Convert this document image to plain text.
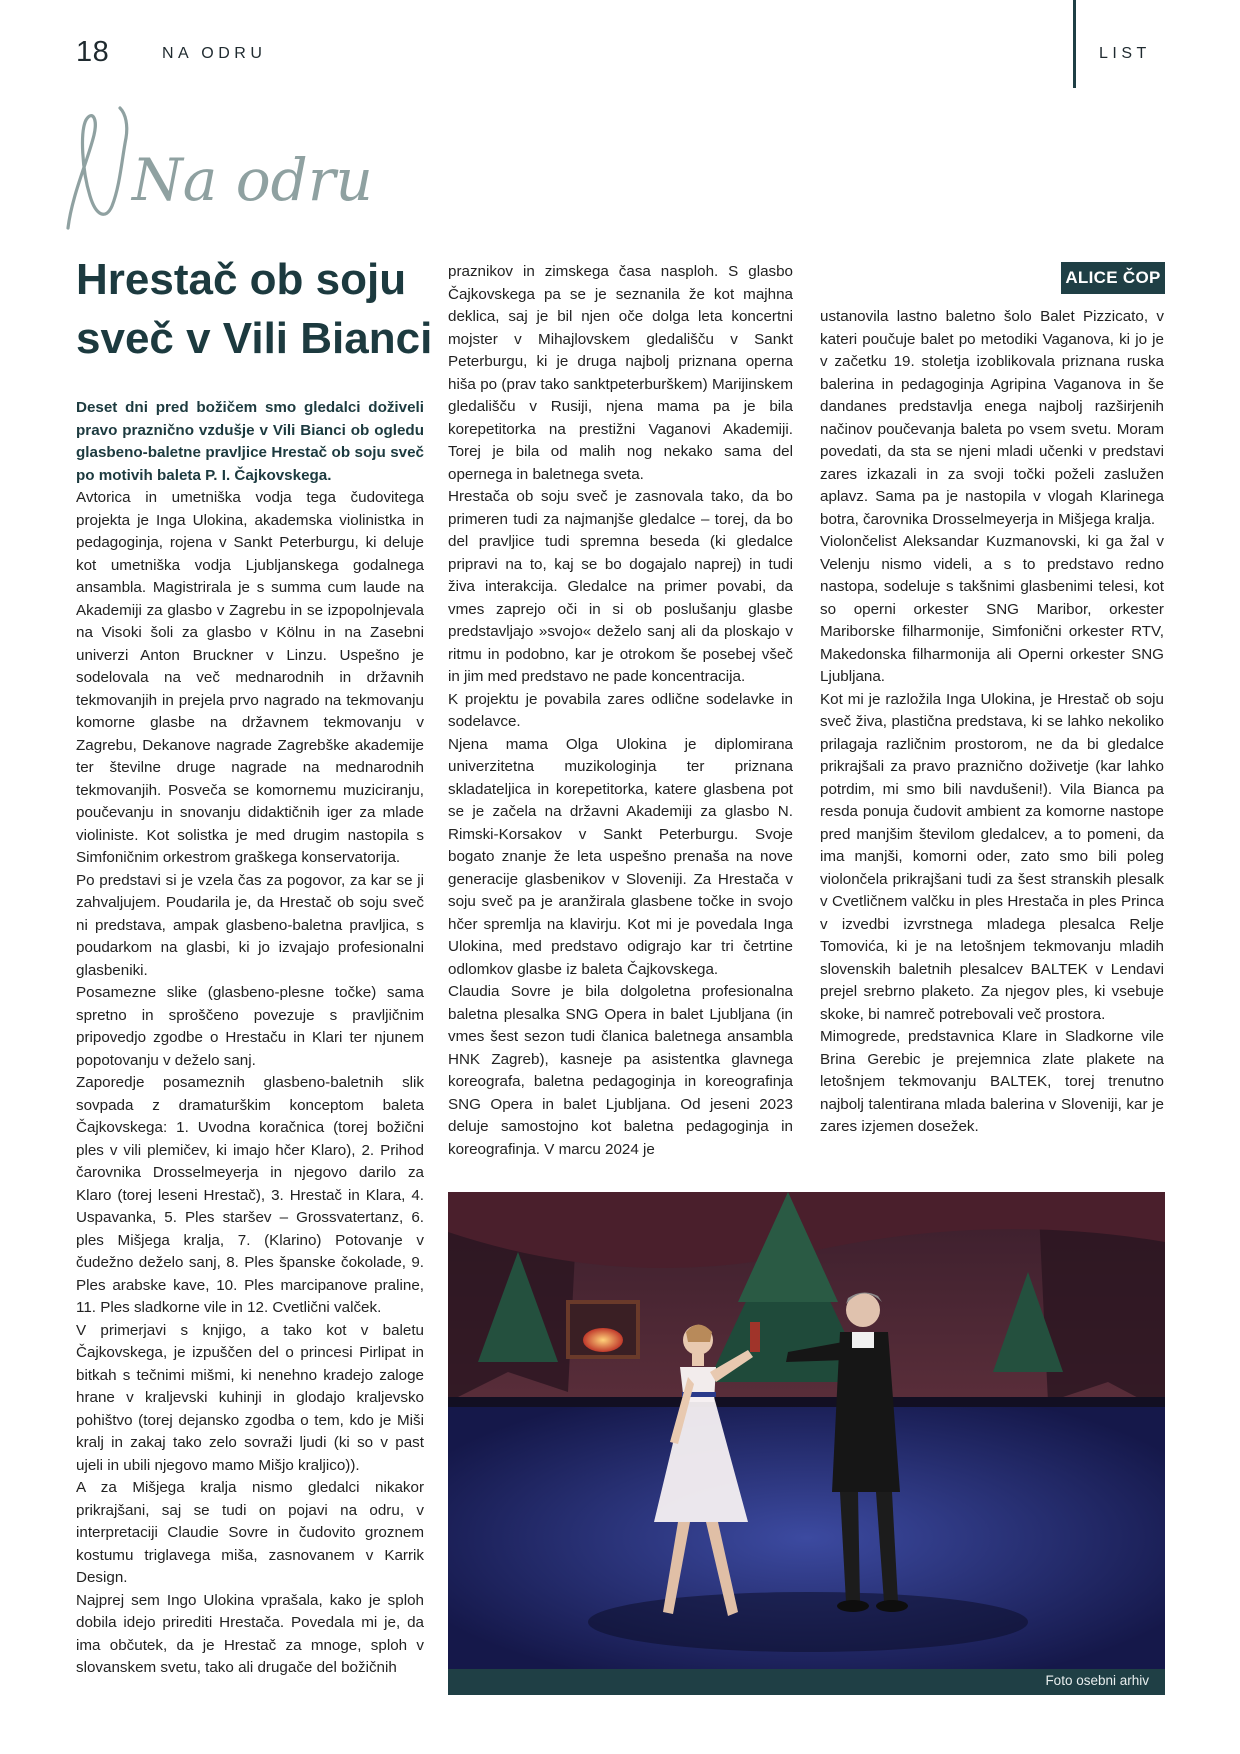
18	NA ODRU	LIST
Na odru
Hrestač ob soju
sveč v Vili Bianci
ALICE ČOP

Deset dni pred božičem smo gledalci doživeli pravo praznično vzdušje v Vili Bianci ob ogledu glasbeno-baletne pravljice Hrestač ob soju sveč po motivih baleta P. I. Čajkovskega.

Avtorica in umetniška vodja tega čudovitega projekta je Inga Ulokina, akademska violinistka in pedagoginja, rojena v Sankt Peterburgu, ki deluje kot umetniška vodja Ljubljanskega godalnega ansambla. Magistrirala je s summa cum laude na Akademiji za glasbo v Zagrebu in se izpopolnjevala na Visoki šoli za glasbo v Kölnu in na Zasebni univerzi Anton Bruckner v Linzu. Uspešno je sodelovala na več mednarodnih in državnih tekmovanjih in prejela prvo nagrado na tekmovanju komorne glasbe na državnem tekmovanju v Zagrebu, Dekanove nagrade Zagrebške akademije ter številne druge nagrade na mednarodnih tekmovanjih. Posveča se komornemu muziciranju, poučevanju in snovanju didaktičnih iger za mlade violiniste. Kot solistka je med drugim nastopila s Simfoničnim orkestrom graškega konservatorija.

Po predstavi si je vzela čas za pogovor, za kar se ji zahvaljujem. Poudarila je, da Hrestač ob soju sveč ni predstava, ampak glasbeno-baletna pravljica, s poudarkom na glasbi, ki jo izvajajo profesionalni glasbeniki.

Posamezne slike (glasbeno-plesne točke) sama spretno in sproščeno povezuje s pravljičnim pripovedjo zgodbe o Hrestaču in Klari ter njunem popotovanju v deželo sanj.

Zaporedje posameznih glasbeno-baletnih slik sovpada z dramaturškim konceptom baleta Čajkovskega: 1. Uvodna koračnica (torej božični ples v vili plemičev, ki imajo hčer Klaro), 2. Prihod čarovnika Drosselmeyerja in njegovo darilo za Klaro (torej leseni Hrestač), 3. Hrestač in Klara, 4. Uspavanka, 5. Ples staršev – Grossvatertanz, 6. ples Mišjega kralja, 7. (Klarino) Potovanje v čudežno deželo sanj, 8. Ples španske čokolade, 9. Ples arabske kave, 10. Ples marcipanove praline, 11. Ples sladkorne vile in 12. Cvetlični valček.

V primerjavi s knjigo, a tako kot v baletu Čajkovskega, je izpuščen del o princesi Pirlipat in bitkah s tečnimi mišmi, ki nenehno kradejo zaloge hrane v kraljevski kuhinji in glodajo kraljevsko pohištvo (torej dejansko zgodba o tem, kdo je Miši kralj in zakaj tako zelo sovraži ljudi (ki so v past ujeli in ubili njegovo mamo Mišjo kraljico)).

A za Mišjega kralja nismo gledalci nikakor prikrajšani, saj se tudi on pojavi na odru, v interpretaciji Claudie Sovre in čudovito groznem kostumu triglavega miša, zasnovanem v Karrik Design.

Najprej sem Ingo Ulokina vprašala, kako je sploh dobila idejo prirediti Hrestača. Povedala mi je, da ima občutek, da je Hrestač za mnoge, sploh v slovanskem svetu, tako ali drugače del božičnih

praznikov in zimskega časa nasploh. S glasbo Čajkovskega pa se je seznanila že kot majhna deklica, saj je bil njen oče dolga leta koncertni mojster v Mihajlovskem gledališču v Sankt Peterburgu, ki je druga najbolj priznana operna hiša po (prav tako sanktpeterburškem) Marijinskem gledališču v Rusiji, njena mama pa je bila korepetitorka na prestižni Vaganovi Akademiji. Torej je bila od malih nog nekako sama del opernega in baletnega sveta.

Hrestača ob soju sveč je zasnovala tako, da bo primeren tudi za najmanjše gledalce – torej, da bo del pravljice tudi spremna beseda (ki gledalce pripravi na to, kaj se bo dogajalo naprej) in tudi živa interakcija. Gledalce na primer povabi, da vmes zaprejo oči in si ob poslušanju glasbe predstavljajo »svojo« deželo sanj ali da ploskajo v ritmu in podobno, kar je otrokom še posebej všeč in jim med predstavo ne pade koncentracija.

K projektu je povabila zares odlične sodelavke in sodelavce.

Njena mama Olga Ulokina je diplomirana univerzitetna muzikologinja ter priznana skladateljica in korepetitorka, katere glasbena pot se je začela na državni Akademiji za glasbo N. Rimski-Korsakov v Sankt Peterburgu. Svoje bogato znanje že leta uspešno prenaša na nove generacije glasbenikov v Sloveniji. Za Hrestača v soju sveč pa je aranžirala glasbene točke in svojo hčer spremlja na klavirju. Kot mi je povedala Inga Ulokina, med predstavo odigrajo kar tri četrtine odlomkov glasbe iz baleta Čajkovskega.

Claudia Sovre je bila dolgoletna profesionalna baletna plesalka SNG Opera in balet Ljubljana (in vmes šest sezon tudi članica baletnega ansambla HNK Zagreb), kasneje pa asistentka glavnega koreografa, baletna pedagoginja in koreografinja SNG Opera in balet Ljubljana. Od jeseni 2023 deluje samostojno kot baletna pedagoginja in koreografinja. V marcu 2024 je

ustanovila lastno baletno šolo Balet Pizzicato, v kateri poučuje balet po metodiki Vaganova, ki jo je v začetku 19. stoletja izoblikovala priznana ruska balerina in pedagoginja Agripina Vaganova in še dandanes predstavlja enega najbolj razširjenih načinov poučevanja baleta po vsem svetu. Moram povedati, da sta se njeni mladi učenki v predstavi zares izkazali in za svoji točki poželi zaslužen aplavz. Sama pa je nastopila v vlogah Klarinega botra, čarovnika Drosselmeyerja in Mišjega kralja.

Violončelist Aleksandar Kuzmanovski, ki ga žal v Velenju nismo videli, a s to predstavo redno nastopa, sodeluje s takšnimi glasbenimi telesi, kot so operni orkester SNG Maribor, orkester Mariborske filharmonije, Simfonični orkester RTV, Makedonska filharmonija ali Operni orkester SNG Ljubljana.

Kot mi je razložila Inga Ulokina, je Hrestač ob soju sveč živa, plastična predstava, ki se lahko nekoliko prilagaja različnim prostorom, ne da bi gledalce prikrajšali za pravo praznično doživetje (kar lahko potrdim, mi smo bili navdušeni!). Vila Bianca pa resda ponuja čudovit ambient za komorne nastope pred manjšim številom gledalcev, a to pomeni, da ima manjši, komorni oder, zato smo bili poleg violončela prikrajšani tudi za šest stranskih plesalk v Cvetličnem valčku in ples Hrestača in ples Princa v izvedbi izvrstnega mladega plesalca Relje Tomovića, ki je na letošnjem tekmovanju mladih slovenskih baletnih plesalcev BALTEK v Lendavi prejel srebrno plaketo. Za njegov ples, ki vsebuje skoke, bi namreč potrebovali več prostora.

Mimogrede, predstavnica Klare in Sladkorne vile Brina Gerebic je prejemnica zlate plakete na letošnjem tekmovanju BALTEK, torej trenutno najbolj talentirana mlada balerina v Sloveniji, kar je zares izjemen dosežek.

Foto osebni arhiv
